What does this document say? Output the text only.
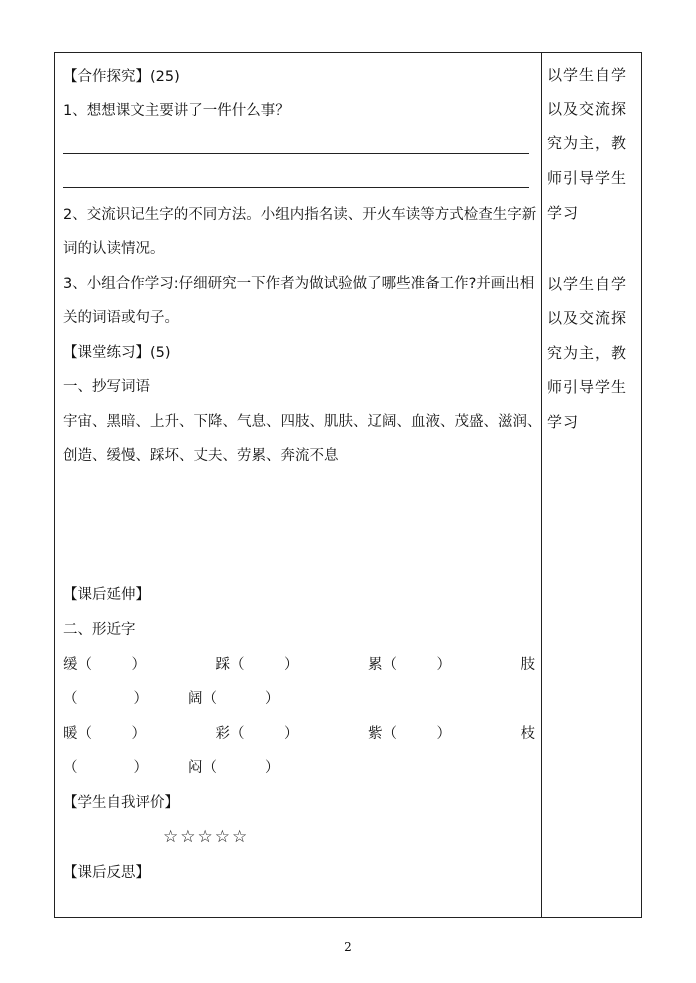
【合作探究】(25)
1、想想课文主要讲了一件什么事？
2、交流识记生字的不同方法。小组内指名读、开火车读等方式检查生字新
词的认读情况。
3、小组合作学习:仔细研究一下作者为做试验做了哪些准备工作?并画出相
关的词语或句子。
【课堂练习】(5)
一、抄写词语
宇宙、黑暗、上升、下降、气息、四肢、肌肤、辽阔、血液、茂盛、滋润、
创造、缓慢、踩坏、丈夫、劳累、奔流不息
【课后延伸】
二、形近字
缓（	）	踩（	）	累（	）	肢
（	）	阔（	）
暖（	）	彩（	）	紫（	）	枝
（	）	闷（	）
【学生自我评价】
☆☆☆☆☆
【课后反思】
以学生自学
以及交流探
究为主，教
师引导学生
学习
以学生自学
以及交流探
究为主，教
师引导学生
学习
2
